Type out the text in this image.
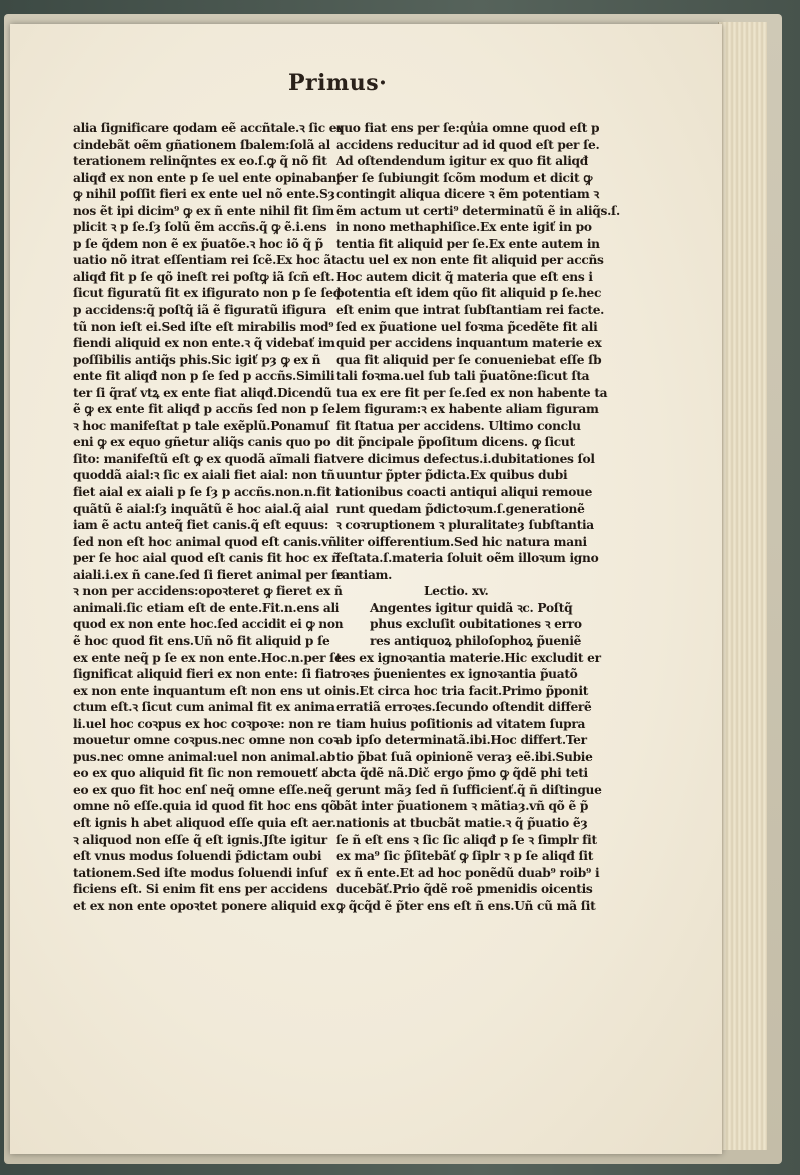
Primus·
alia ſignificare qodam eẽ accñtale.ꝛ ſic ex
cindebãt oẽm gñationem ſbalem:ſolã al
terationem relinq̃ntes ex eo.ſ.ꝙ q̃ nõ fit
aliqđ ex non ente p ſe uel ente opinabanť
ꝙ nihil poſſit fieri ex ente uel nõ ente.Sȝ
nos ẽt ipi dicim⁹ ꝙ ex ñ ente nihil fit ſim
plicit ꝛ p ſe.ſȝ ſolũ ẽm accñs.q̃ ꝙ ẽ.i.ens
p ſe q̃dem non ẽ ex p̃uatõe.ꝛ hoc iõ q̃ p̃
uatio nõ itrat eſſentiam rei ſcẽ.Ex hoc ãt
aliqđ fit p ſe qõ ineſt rei poſtꝙ iã ſcñ eſt.
ſicut figuratũ fit ex ifigurato non p ſe ſeđ
p accidens:q̃ poſtq̃ iã ẽ figuratũ ifigura
tũ non ieſt ei.Sed iſte eſt mirabilis mod⁹
fiendi aliquid ex non ente.ꝛ q̃ videbať im
poſſibilis antiq̃s phis.Sic igiť pȝ ꝙ ex ñ
ente fit aliqđ non p ſe ſed p accñs.Simili
ter ſi q̃rať vtꝝ ex ente fiat aliqđ.Dicendũ
ẽ ꝙ ex ente fit aliqđ p accñs ſed non p ſe.
ꝛ hoc manifeſtat p tale exẽplũ.Ponamuſ
eni ꝙ ex equo gñetur aliq̃s canis quo po
ſito: manifeſtũ eſt ꝙ ex quodã aĩmali fiat
quoddã aial:ꝛ ſic ex aiali fiet aial: non tñ
fiet aial ex aiali p ſe ſȝ p accñs.non.n.fit i
quãtũ ẽ aial:ſȝ inquãtũ ẽ hoc aial.q̃ aial
iam ẽ actu anteq̃ fiet canis.q̃ eſt equus:
ſed non eſt hoc animal quod eſt canis.vñ
per ſe hoc aial quod eſt canis fit hoc ex ñ
aiali.i.ex ñ cane.ſed ſi fieret animal per ſe
ꝛ non per accidens:opoꝛteret ꝙ fieret ex ñ
animali.ſic etiam eſt de ente.Fit.n.ens ali
quod ex non ente hoc.ſed accidit ei ꝙ non
ẽ hoc quod fit ens.Uñ nõ fit aliquid p ſe
ex ente neq̃ p ſe ex non ente.Hoc.n.per ſe
ſignificat aliquid fieri ex non ente: ſi fiat
ex non ente inquantum eſt non ens ut oi
ctum eſt.ꝛ ſicut cum animal fit ex anima
li.uel hoc coꝛpus ex hoc coꝛpoꝛe: non re
mouetur omne coꝛpus.nec omne non coꝛ
pus.nec omne animal:uel non animal.ab
eo ex quo aliquid fit ſic non remouetť ab
eo ex quo fit hoc enſ neq̃ omne eſſe.neq̃
omne nõ eſſe.quia id quod fit hoc ens qõ
eſt ignis h abet aliquod eſſe quia eſt aer.
ꝛ aliquod non eſſe q̃ eſt ignis.Jſte igitur
eſt vnus modus ſoluendi p̃dictam oubi
tationem.Sed iſte modus ſoluendi inſuf
ficiens eſt. Si enim fit ens per accidens
et ex non ente opoꝛtet ponere aliquid ex
quo fiat ens per ſe:qu̾ia omne quod eſt p
accidens reducitur ad id quod eſt per ſe.
Ad oſtendendum igitur ex quo fit aliqđ
per ſe ſubiungit ſcõm modum et dicit ꝙ
contingit aliqua dicere ꝛ ẽm potentiam ꝛ
ẽm actum ut certi⁹ determinatũ ẽ in aliq̃s.ſ.
in nono methaphiſice.Ex ente igiť in po
tentia fit aliquid per ſe.Ex ente autem in
actu uel ex non ente fit aliquid per accñs
Hoc autem dicit q̃ materia que eſt ens i
potentia eſt idem qũo fit aliquid p ſe.hec
eſt enim que intrat ſubſtantiam rei facte.
ſed ex p̃uatione uel foꝛma p̃cedẽte fit ali
quid per accidens inquantum materie ex
qua fit aliquid per ſe conueniebat eſſe ſb
tali foꝛma.uel ſub tali p̃uatõne:ſicut ſta
tua ex ere fit per ſe.ſed ex non habente ta
lem figuram:ꝛ ex habente aliam figuram
fit ſtatua per accidens. Ultimo conclu
dit p̃ncipale p̃poſitum dicens. ꝙ ſicut
vere dicimus defectus.i.dubitationes ſol
uuntur p̃pter p̃dicta.Ex quibus dubi
tationibus coacti antiqui aliqui remoue
runt quedam p̃dictoꝛum.ſ.generationẽ
ꝛ coꝛruptionem ꝛ pluralitateȝ ſubſtantia
liter oifferentium.Sed hic natura mani
feſtata.ſ.materia ſoluit oẽm illoꝛum igno
rantiam.
Lectio. xv.
Angentes igitur quidã ꝛc. Poſtq̃
phus excluſit oubitationes ꝛ erro
res antiquoꝝ philoſophoꝝ p̃ueniẽ
tes ex ignoꝛantia materie.Hic excludit er
roꝛes p̃uenientes ex ignoꝛantia p̃uatõ
nis.Et circa hoc tria facit.Primo p̃ponit
erratiã erroꝛes.ſecundo oſtendit differẽ
tiam huius poſitionis ad vitatem ſupra
ab ipſo determinatã.ibi.Hoc differt.Ter
tio p̃bat ſuã opinionẽ veraȝ eẽ.ibi.Subie
cta q̃dẽ nã.Dič ergo p̃mo ꝙ q̃dẽ phi teti
gerunt mãȝ ſed ñ ſufficienť.q̃ ñ diſtingue
bãt inter p̃uationem ꝛ mãtiaȝ.vñ qõ ẽ p̃
nationis at tbucbãt matie.ꝛ q̃ p̃uatio ẽȝ
ſe ñ eſt ens ꝛ ſic ſic aliqđ p ſe ꝛ ſimplr fit
ex ma⁹ ſic p̃ſitebãť ꝙ ſiplr ꝛ p ſe aliqđ ſit
ex ñ ente.Et ad hoc ponẽdũ duab⁹ roib⁹ i
ducebãť.Prio q̃dẽ roẽ pmenidis oicentis
ꝙ q̃cq̃d ẽ p̃ter ens eſt ñ ens.Uñ cũ mã ſit
